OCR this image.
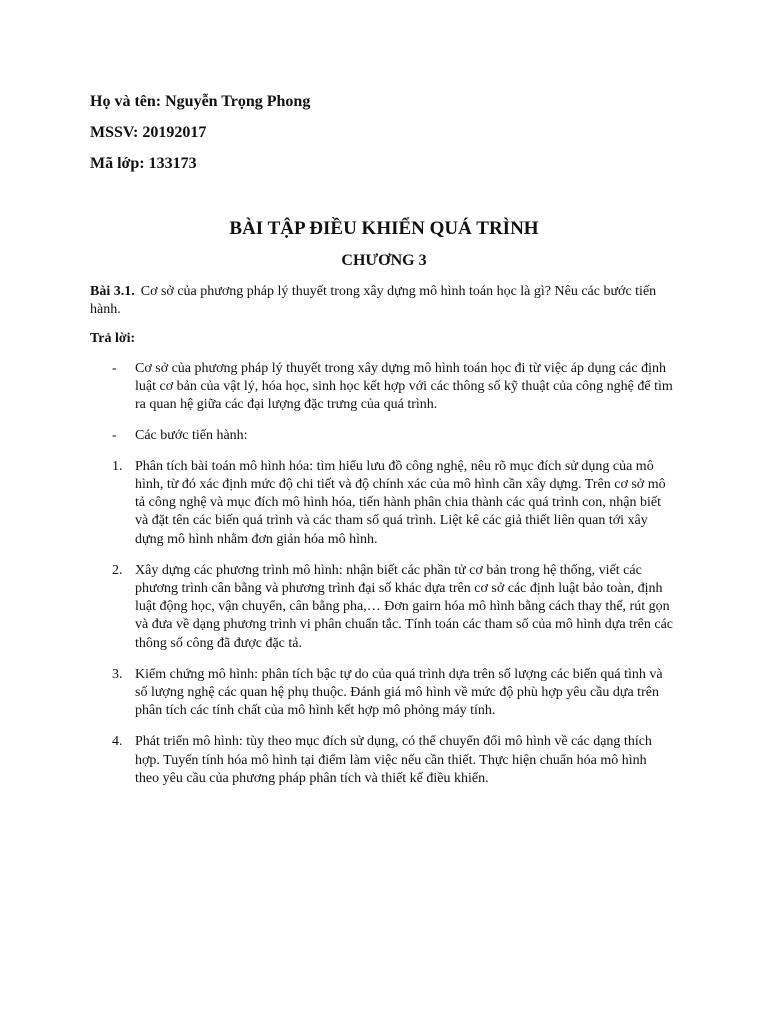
Họ và tên: Nguyễn Trọng Phong
MSSV: 20192017
Mã lớp: 133173
BÀI TẬP ĐIỀU KHIỂN QUÁ TRÌNH
CHƯƠNG 3
Bài 3.1. Cơ sở của phương pháp lý thuyết trong xây dựng mô hình toán học là gì? Nêu các bước tiến hành.
Trả lời:
-	Cơ sở của phương pháp lý thuyết trong xây dựng mô hình toán học đi từ việc áp dụng các định luật cơ bản của vật lý, hóa học, sinh học kết hợp với các thông số kỹ thuật của công nghệ để tìm ra quan hệ giữa các đại lượng đặc trưng của quá trình.
-	Các bước tiến hành:
1. Phân tích bài toán mô hình hóa: tìm hiểu lưu đồ công nghệ, nêu rõ mục đích sử dụng của mô hình, từ đó xác định mức độ chi tiết và độ chính xác của mô hình cần xây dựng. Trên cơ sở mô tả công nghệ và mục đích mô hình hóa, tiến hành phân chia thành các quá trình con, nhận biết và đặt tên các biến quá trình và các tham số quá trình. Liệt kê các giả thiết liên quan tới xây dựng mô hình nhằm đơn giản hóa mô hình.
2. Xây dựng các phương trình mô hình: nhận biết các phần tử cơ bản trong hệ thống, viết các phương trình cân bằng và phương trình đại số khác dựa trên cơ sở các định luật bảo toàn, định luật động học, vận chuyển, cân bằng pha,… Đơn gairn hóa mô hình bằng cách thay thế, rút gọn và đưa về dạng phương trình vi phân chuẩn tắc. Tính toán các tham số của mô hình dựa trên các thông số công đã được đặc tả.
3. Kiểm chứng mô hình: phân tích bậc tự do của quá trình dựa trên số lượng các biến quá tình và số lượng nghệ các quan hệ phụ thuộc. Đánh giá mô hình về mức độ phù hợp yêu cầu dựa trên phân tích các tính chất của mô hình kết hợp mô phỏng máy tính.
4. Phát triển mô hình: tùy theo mục đích sử dụng, có thể chuyển đổi mô hình về các dạng thích hợp. Tuyến tính hóa mô hình tại điểm làm việc nếu cần thiết. Thực hiện chuẩn hóa mô hình theo yêu cầu của phương pháp phân tích và thiết kế điều khiển.
